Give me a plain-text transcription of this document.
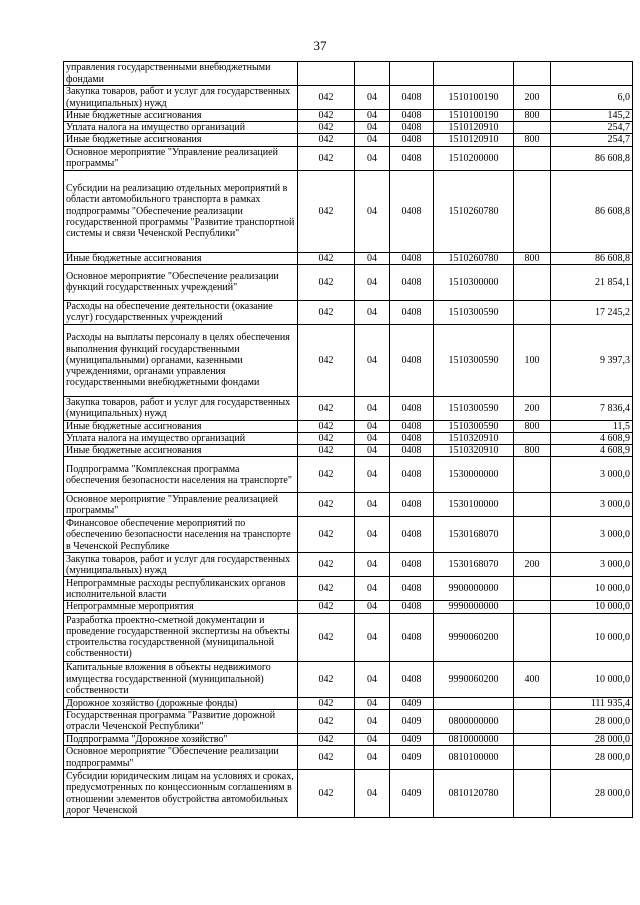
37
управления государственными внебюджетными фондами						
Закупка товаров, работ и услуг для государственных (муниципальных) нужд	042	04	0408	1510100190	200	6,0
Иные бюджетные ассигнования	042	04	0408	1510100190	800	145,2
Уплата налога на имущество организаций	042	04	0408	1510120910		254,7
Иные бюджетные ассигнования	042	04	0408	1510120910	800	254,7
Основное мероприятие "Управление реализацией программы"	042	04	0408	1510200000		86 608,8
Субсидии на реализацию отдельных мероприятий в области автомобильного транспорта в рамках подпрограммы "Обеспечение реализации государственной программы "Развитие транспортной системы и связи Чеченской Республики"	042	04	0408	1510260780		86 608,8
Иные бюджетные ассигнования	042	04	0408	1510260780	800	86 608,8
Основное мероприятие "Обеспечение реализации функций государственных учреждений"	042	04	0408	1510300000		21 854,1
Расходы на обеспечение деятельности (оказание услуг) государственных учреждений	042	04	0408	1510300590		17 245,2
Расходы на выплаты персоналу в целях обеспечения выполнения функций государственными (муниципальными) органами, казенными учреждениями, органами управления государственными внебюджетными фондами	042	04	0408	1510300590	100	9 397,3
Закупка товаров, работ и услуг для государственных (муниципальных) нужд	042	04	0408	1510300590	200	7 836,4
Иные бюджетные ассигнования	042	04	0408	1510300590	800	11,5
Уплата налога на имущество организаций	042	04	0408	1510320910		4 608,9
Иные бюджетные ассигнования	042	04	0408	1510320910	800	4 608,9
Подпрограмма "Комплексная программа обеспечения безопасности населения на транспорте"	042	04	0408	1530000000		3 000,0
Основное мероприятие "Управление реализацией программы"	042	04	0408	1530100000		3 000,0
Финансовое обеспечение мероприятий по обеспечению безопасности населения на транспорте в Чеченской Республике	042	04	0408	1530168070		3 000,0
Закупка товаров, работ и услуг для государственных (муниципальных) нужд	042	04	0408	1530168070	200	3 000,0
Непрограммные расходы республиканских органов исполнительной власти	042	04	0408	9900000000		10 000,0
Непрограммные мероприятия	042	04	0408	9990000000		10 000,0
Разработка проектно-сметной документации и проведение государственной экспертизы на объекты строительства государственной (муниципальной собственности)	042	04	0408	9990060200		10 000,0
Капитальные вложения в объекты недвижимого имущества государственной (муниципальной) собственности	042	04	0408	9990060200	400	10 000,0
Дорожное хозяйство (дорожные фонды)	042	04	0409			111 935,4
Государственная программа "Развитие дорожной отрасли Чеченской Республики"	042	04	0409	0800000000		28 000,0
Подпрограмма "Дорожное хозяйство"	042	04	0409	0810000000		28 000,0
Основное мероприятие "Обеспечение реализации подпрограммы"	042	04	0409	0810100000		28 000,0
Субсидии юридическим лицам на условиях и сроках, предусмотренных по концессионным соглашениям в отношении элементов обустройства автомобильных дорог Чеченской	042	04	0409	0810120780		28 000,0
